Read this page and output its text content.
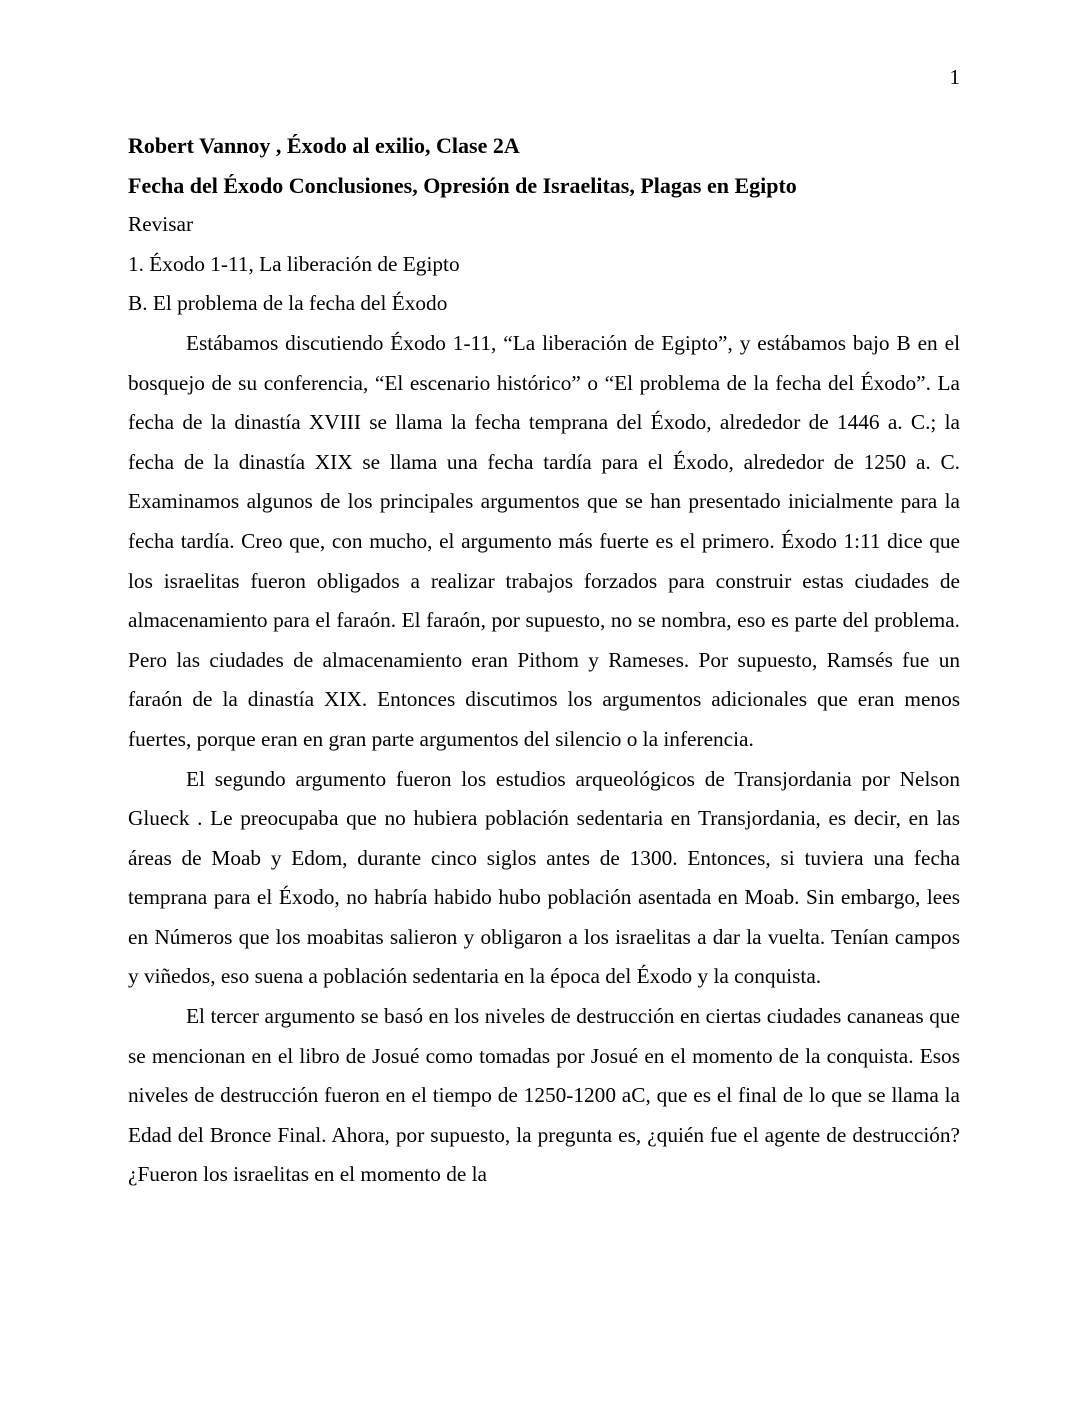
1

Robert Vannoy , Éxodo al exilio, Clase 2A

Fecha del Éxodo Conclusiones, Opresión de Israelitas, Plagas en Egipto

Revisar

1. Éxodo 1-11, La liberación de Egipto

B. El problema de la fecha del Éxodo

Estábamos discutiendo Éxodo 1-11, “La liberación de Egipto”, y estábamos bajo B en el bosquejo de su conferencia, “El escenario histórico” o “El problema de la fecha del Éxodo”. La fecha de la dinastía XVIII se llama la fecha temprana del Éxodo, alrededor de 1446 a. C.; la fecha de la dinastía XIX se llama una fecha tardía para el Éxodo, alrededor de 1250 a. C. Examinamos algunos de los principales argumentos que se han presentado inicialmente para la fecha tardía. Creo que, con mucho, el argumento más fuerte es el primero. Éxodo 1:11 dice que los israelitas fueron obligados a realizar trabajos forzados para construir estas ciudades de almacenamiento para el faraón. El faraón, por supuesto, no se nombra, eso es parte del problema. Pero las ciudades de almacenamiento eran Pithom y Rameses. Por supuesto, Ramsés fue un faraón de la dinastía XIX. Entonces discutimos los argumentos adicionales que eran menos fuertes, porque eran en gran parte argumentos del silencio o la inferencia.

El segundo argumento fueron los estudios arqueológicos de Transjordania por Nelson Glueck . Le preocupaba que no hubiera población sedentaria en Transjordania, es decir, en las áreas de Moab y Edom, durante cinco siglos antes de 1300. Entonces, si tuviera una fecha temprana para el Éxodo, no habría habido hubo población asentada en Moab. Sin embargo, lees en Números que los moabitas salieron y obligaron a los israelitas a dar la vuelta. Tenían campos y viñedos, eso suena a población sedentaria en la época del Éxodo y la conquista.

El tercer argumento se basó en los niveles de destrucción en ciertas ciudades cananeas que se mencionan en el libro de Josué como tomadas por Josué en el momento de la conquista. Esos niveles de destrucción fueron en el tiempo de 1250-1200 aC, que es el final de lo que se llama la Edad del Bronce Final. Ahora, por supuesto, la pregunta es, ¿quién fue el agente de destrucción? ¿Fueron los israelitas en el momento de la
